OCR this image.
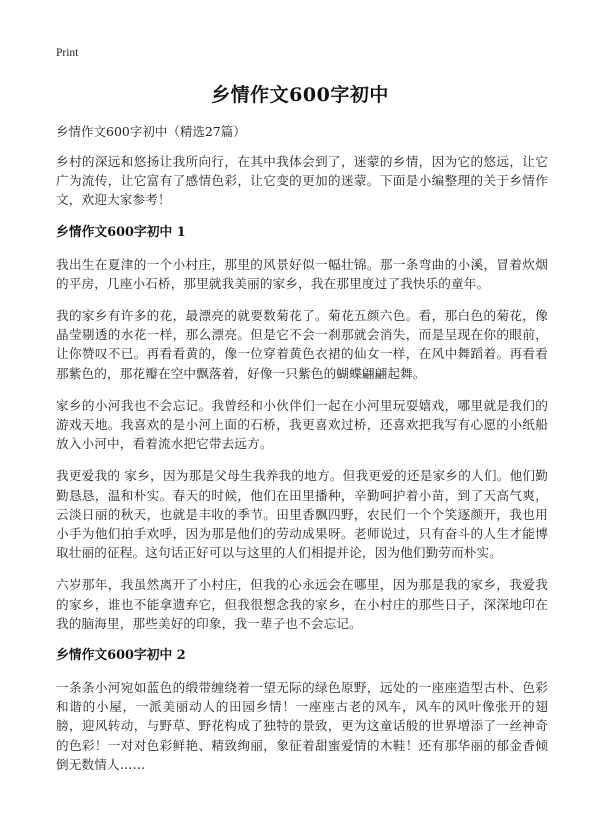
Print
乡情作文600字初中
乡情作文600字初中（精选27篇）

乡村的深远和悠扬让我所向行，在其中我体会到了，迷蒙的乡情，因为它的悠远，让它广为流传，让它富有了感情色彩，让它变的更加的迷蒙。下面是小编整理的关于乡情作文，欢迎大家参考！

乡情作文600字初中 1

我出生在夏津的一个小村庄，那里的风景好似一幅壮锦。那一条弯曲的小溪，冒着炊烟的平房，几座小石桥，那里就我美丽的家乡，我在那里度过了我快乐的童年。

我的家乡有许多的花，最漂亮的就要数菊花了。菊花五颜六色。看，那白色的菊花，像晶莹剔透的水花一样，那么漂亮。但是它不会一刹那就会消失，而是呈现在你的眼前，让你赞叹不已。再看看黄的，像一位穿着黄色衣裙的仙女一样，在风中舞蹈着。再看看那紫色的，那花瓣在空中飘落着，好像一只紫色的蝴蝶翩翩起舞。

家乡的小河我也不会忘记。我曾经和小伙伴们一起在小河里玩耍嬉戏，哪里就是我们的游戏天地。我喜欢的是小河上面的石桥，我更喜欢过桥，还喜欢把我写有心愿的小纸船放入小河中，看着流水把它带去远方。

我更爱我的 家乡，因为那是父母生我养我的地方。但我更爱的还是家乡的人们。他们勤勤恳恳，温和朴实。春天的时候，他们在田里播种，辛勤呵护着小苗，到了天高气爽，云淡日丽的秋天，也就是丰收的季节。田里香飘四野，农民们一个个笑逐颜开，我也用小手为他们拍手欢呼，因为那是他们的劳动成果呀。老师说过，只有奋斗的人生才能博取壮丽的征程。这句话正好可以与这里的人们相提并论，因为他们勤劳而朴实。

六岁那年，我虽然离开了小村庄，但我的心永远会在哪里，因为那是我的家乡，我爱我的家乡，谁也不能拿遗弃它，但我很想念我的家乡，在小村庄的那些日子，深深地印在我的脑海里，那些美好的印象，我一辈子也不会忘记。

乡情作文600字初中 2

一条条小河宛如蓝色的缎带缠绕着一望无际的绿色原野，远处的一座座造型古朴、色彩和谐的小屋，一派美丽动人的田园乡情！一座座古老的风车，风车的风叶像张开的翅膀，迎风转动，与野草、野花构成了独特的景致，更为这童话般的世界增添了一丝神奇的色彩！一对对色彩鲜艳、精致绚丽，象征着甜蜜爱情的木鞋！还有那华丽的郁金香倾倒无数情人……
